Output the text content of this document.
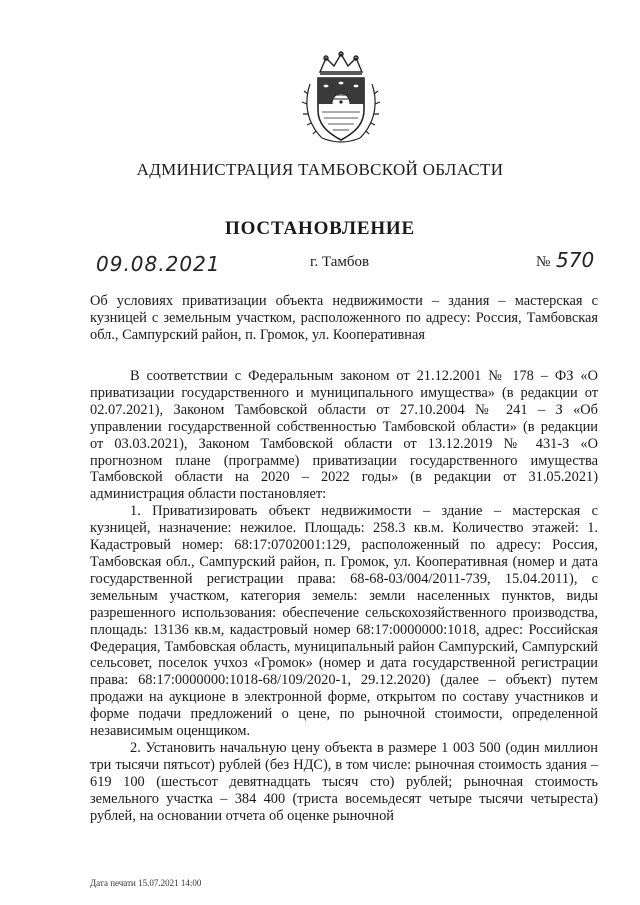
АДМИНИСТРАЦИЯ ТАМБОВСКОЙ ОБЛАСТИ
ПОСТАНОВЛЕНИЕ
09.08.2021	г. Тамбов	№ 570

Об условиях приватизации объекта недвижимости – здания – мастерская с кузницей с земельным участком, расположенного по адресу: Россия, Тамбовская обл., Сампурский район, п. Громок, ул. Кооперативная

В соответствии с Федеральным законом от 21.12.2001 № 178 – ФЗ «О приватизации государственного и муниципального имущества» (в редакции от 02.07.2021), Законом Тамбовской области от 27.10.2004 № 241 – З «Об управлении государственной собственностью Тамбовской области» (в редакции от 03.03.2021), Законом Тамбовской области от 13.12.2019 № 431-З «О прогнозном плане (программе) приватизации государственного имущества Тамбовской области на 2020 – 2022 годы» (в редакции от 31.05.2021) администрация области постановляет:

1. Приватизировать объект недвижимости – здание – мастерская с кузницей, назначение: нежилое. Площадь: 258.3 кв.м. Количество этажей: 1. Кадастровый номер: 68:17:0702001:129, расположенный по адресу: Россия, Тамбовская обл., Сампурский район, п. Громок, ул. Кооперативная (номер и дата государственной регистрации права: 68-68-03/004/2011-739, 15.04.2011), с земельным участком, категория земель: земли населенных пунктов, виды разрешенного использования: обеспечение сельскохозяйственного производства, площадь: 13136 кв.м, кадастровый номер 68:17:0000000:1018, адрес: Российская Федерация, Тамбовская область, муниципальный район Сампурский, Сампурский сельсовет, поселок учхоз «Громок» (номер и дата государственной регистрации права: 68:17:0000000:1018-68/109/2020-1, 29.12.2020) (далее – объект) путем продажи на аукционе в электронной форме, открытом по составу участников и форме подачи предложений о цене, по рыночной стоимости, определенной независимым оценщиком.

2. Установить начальную цену объекта в размере 1 003 500 (один миллион три тысячи пятьсот) рублей (без НДС), в том числе: рыночная стоимость здания – 619 100 (шестьсот девятнадцать тысяч сто) рублей; рыночная стоимость земельного участка – 384 400 (триста восемьдесят четыре тысячи четыреста) рублей, на основании отчета об оценке рыночной

Дата печати 15.07.2021 14:00
